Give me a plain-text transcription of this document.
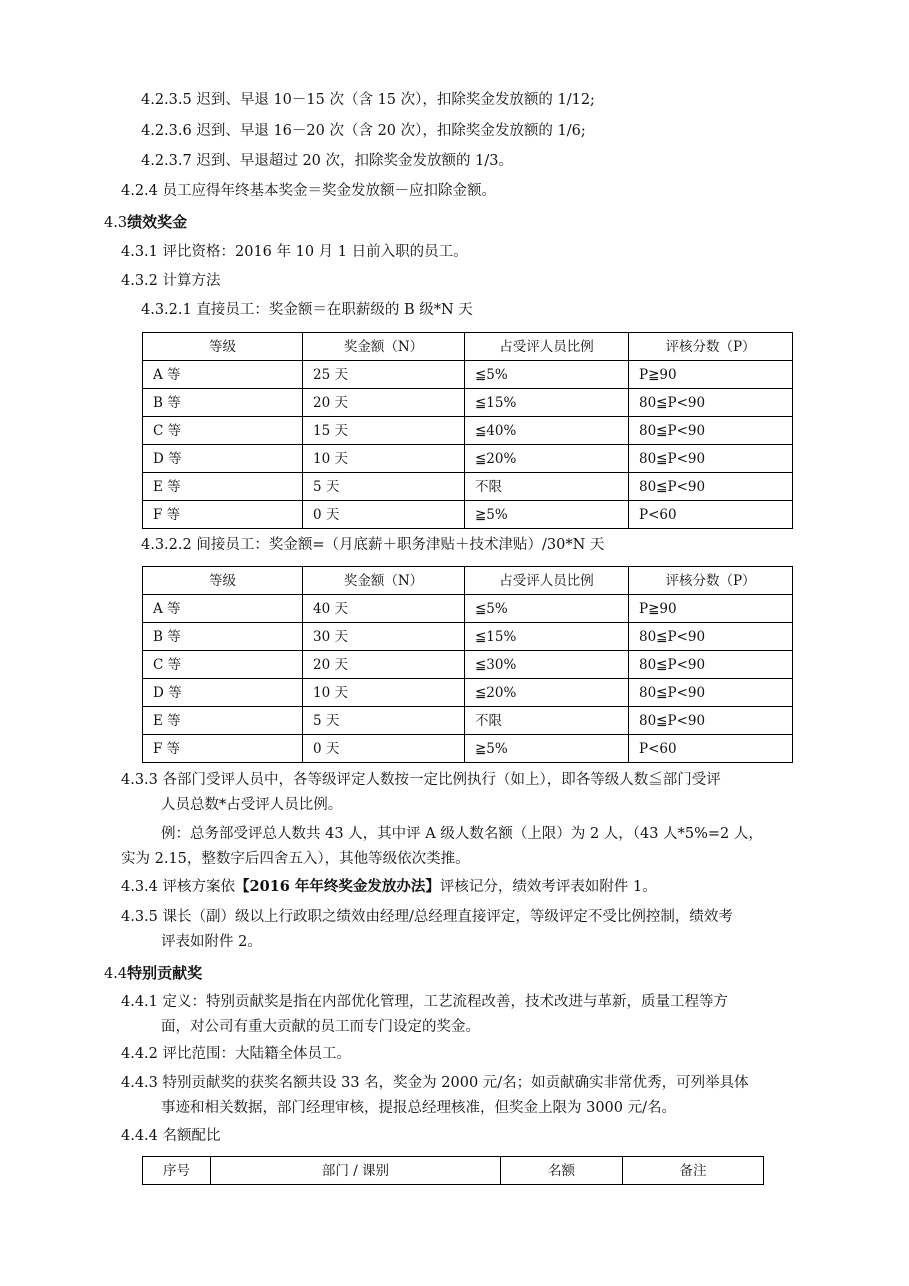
4.2.3.5 迟到、早退 10－15 次（含 15 次），扣除奖金发放额的 1/12;
4.2.3.6 迟到、早退 16－20 次（含 20 次），扣除奖金发放额的 1/6;
4.2.3.7 迟到、早退超过 20 次，扣除奖金发放额的 1/3。
4.2.4 员工应得年终基本奖金＝奖金发放额－应扣除金额。
4.3绩效奖金
4.3.1 评比资格：2016 年 10 月 1 日前入职的员工。
4.3.2 计算方法
4.3.2.1 直接员工：奖金额＝在职薪级的 B 级*N 天
等级	奖金额（N）	占受评人员比例	评核分数（P）
A 等	25 天	≦5%	P≧90
B 等	20 天	≦15%	80≦P<90
C 等	15 天	≦40%	80≦P<90
D 等	10 天	≦20%	80≦P<90
E 等	5 天	不限	80≦P<90
F 等	0 天	≧5%	P<60
4.3.2.2 间接员工：奖金额=（月底薪＋职务津贴＋技术津贴）/30*N 天
等级	奖金额（N）	占受评人员比例	评核分数（P）
A 等	40 天	≦5%	P≧90
B 等	30 天	≦15%	80≦P<90
C 等	20 天	≦30%	80≦P<90
D 等	10 天	≦20%	80≦P<90
E 等	5 天	不限	80≦P<90
F 等	0 天	≧5%	P<60
4.3.3 各部门受评人员中，各等级评定人数按一定比例执行（如上），即各等级人数≦部门受评
人员总数*占受评人员比例。
例：总务部受评总人数共 43 人，其中评 A 级人数名额（上限）为 2 人，（43 人*5%=2 人，
实为 2.15，整数字后四舍五入），其他等级依次类推。
4.3.4 评核方案依【2016 年年终奖金发放办法】评核记分，绩效考评表如附件 1。
4.3.5 课长（副）级以上行政职之绩效由经理/总经理直接评定，等级评定不受比例控制，绩效考
评表如附件 2。
4.4特别贡献奖
4.4.1 定义：特别贡献奖是指在内部优化管理，工艺流程改善，技术改进与革新，质量工程等方
面，对公司有重大贡献的员工而专门设定的奖金。
4.4.2 评比范围：大陆籍全体员工。
4.4.3 特别贡献奖的获奖名额共设 33 名，奖金为 2000 元/名；如贡献确实非常优秀，可列举具体
事迹和相关数据，部门经理审核，提报总经理核准，但奖金上限为 3000 元/名。
4.4.4 名额配比
序号	部门 / 课别	名额	备注
